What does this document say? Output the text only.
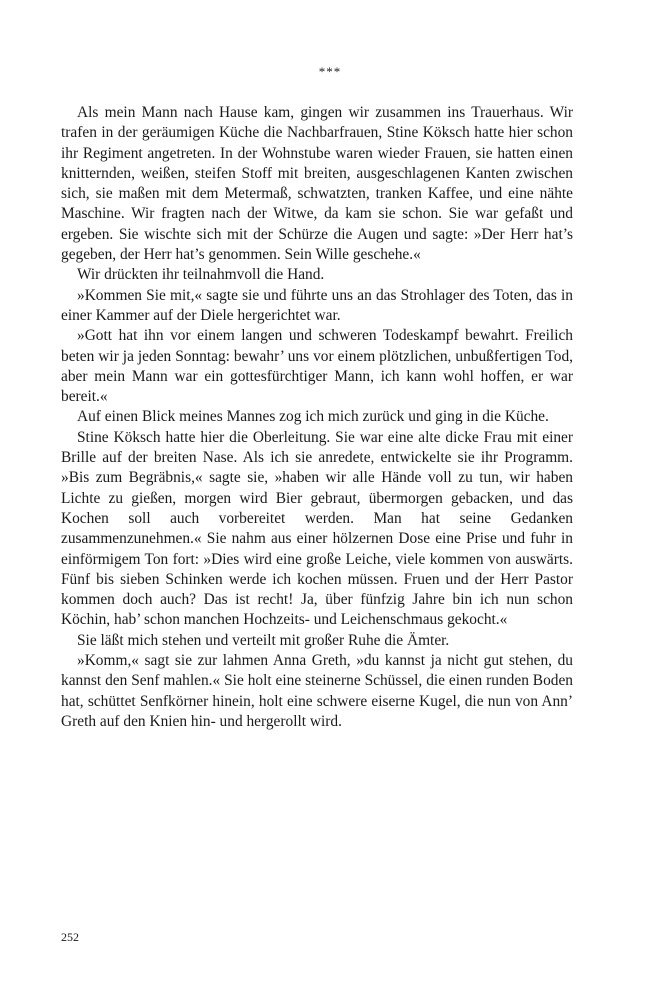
***

Als mein Mann nach Hause kam, gingen wir zusammen ins Trauerhaus. Wir trafen in der geräumigen Küche die Nachbarfrauen, Stine Köksch hatte hier schon ihr Regiment angetreten. In der Wohnstube waren wieder Frauen, sie hatten einen knitternden, weißen, steifen Stoff mit breiten, ausgeschlagenen Kanten zwischen sich, sie maßen mit dem Metermaß, schwatzten, tranken Kaffee, und eine nähte Maschine. Wir fragten nach der Witwe, da kam sie schon. Sie war gefaßt und ergeben. Sie wischte sich mit der Schürze die Augen und sagte: »Der Herr hat’s gegeben, der Herr hat’s genommen. Sein Wille geschehe.«

Wir drückten ihr teilnahmvoll die Hand.

»Kommen Sie mit,« sagte sie und führte uns an das Strohlager des Toten, das in einer Kammer auf der Diele hergerichtet war.

»Gott hat ihn vor einem langen und schweren Todeskampf bewahrt. Freilich beten wir ja jeden Sonntag: bewahr’ uns vor einem plötzlichen, unbußfertigen Tod, aber mein Mann war ein gottesfürchtiger Mann, ich kann wohl hoffen, er war bereit.«

Auf einen Blick meines Mannes zog ich mich zurück und ging in die Küche.

Stine Köksch hatte hier die Oberleitung. Sie war eine alte dicke Frau mit einer Brille auf der breiten Nase. Als ich sie anredete, entwickelte sie ihr Programm. »Bis zum Begräbnis,« sagte sie, »haben wir alle Hände voll zu tun, wir haben Lichte zu gießen, morgen wird Bier gebraut, übermorgen gebacken, und das Kochen soll auch vorbereitet werden. Man hat seine Gedanken zusammenzunehmen.« Sie nahm aus einer hölzernen Dose eine Prise und fuhr in einförmigem Ton fort: »Dies wird eine große Leiche, viele kommen von auswärts. Fünf bis sieben Schinken werde ich kochen müssen. Fruen und der Herr Pastor kommen doch auch? Das ist recht! Ja, über fünfzig Jahre bin ich nun schon Köchin, hab’ schon manchen Hochzeits- und Leichenschmaus gekocht.«

Sie läßt mich stehen und verteilt mit großer Ruhe die Ämter.

»Komm,« sagt sie zur lahmen Anna Greth, »du kannst ja nicht gut stehen, du kannst den Senf mahlen.« Sie holt eine steinerne Schüssel, die einen runden Boden hat, schüttet Senfkörner hinein, holt eine schwere eiserne Kugel, die nun von Ann’ Greth auf den Knien hin- und hergerollt wird.

252
